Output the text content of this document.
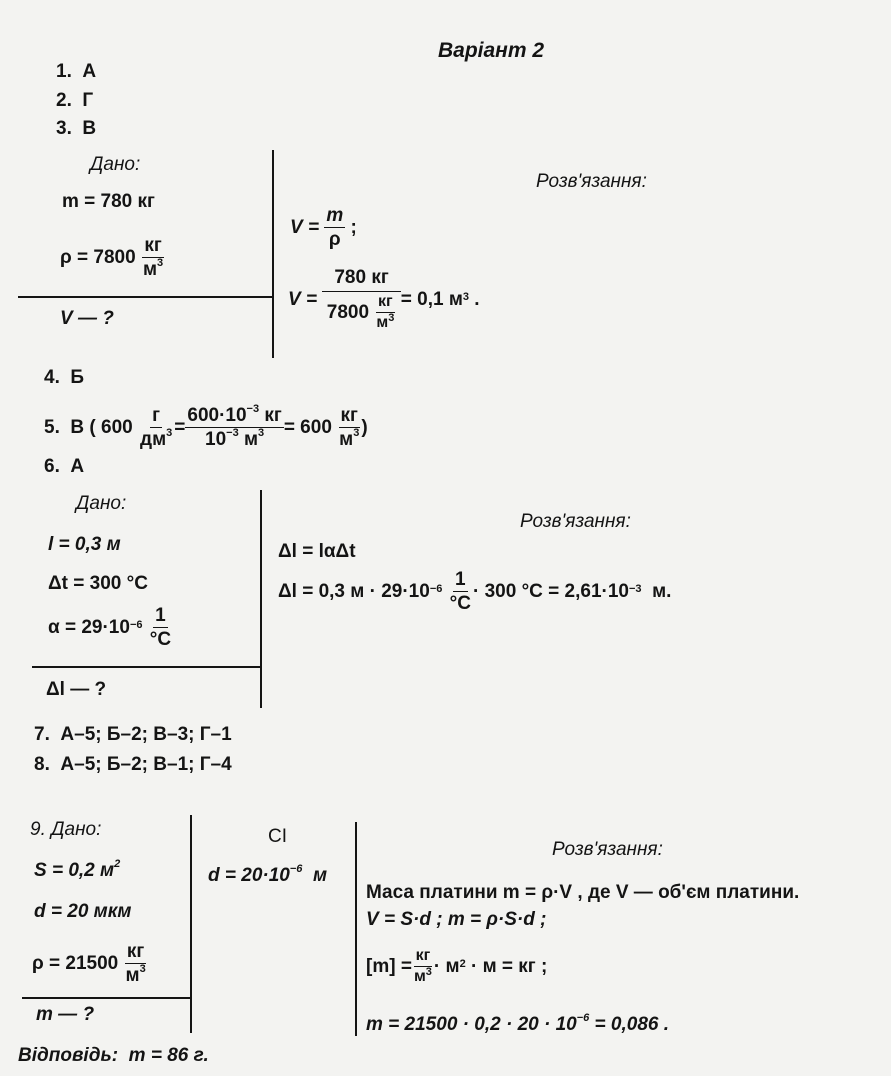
Варіант 2
1. А
2. Г
3. В
Дано:
m = 780 кг
ρ = 7800
$\frac{кг}{м^3}$
V — ?
Розв'язання:
V =
$\frac{m}{\rho}$
;
V =
780 кг
7800
$\frac{кг}{м^3} = 0,1$ $м^3$
.
4. Б
5.
В ( 600
$\frac{г}{дм^3} = \frac{600\cdot 10^{-3} кг}{10^{-3} м^3} = 600$
$\frac{кг}{м^3}$ )
6. А
Дано:
l = 0,3 м
Δt = 300 °С
$\alpha = 29\cdot 10^{-6}$
$\frac{1}{^\circ С}$
Δl — ?
Розв'язання:
Δl = lαΔt
Δl = 0,3 $м \cdot 29\cdot 10^{-6}$
$\frac{1}{^\circ С} \cdot 300$ $^\circ С = 2,61\cdot 10^{-3}$
м.
7. А–5; Б–2; В–3; Г–1
8. А–5; Б–2; В–1; Г–4
9. Дано:
S = 0,2 $м^2$
d = 20 мкм
ρ = 21500
$\frac{кг}{м^3}$
m — ?
СІ
$d = 20\cdot 10^{-6}$ м
Розв'язання:
Маса платини m = ρ·V , де V — об'єм платини.
V = S·d ; m = ρ·S·d ;
$[m] = \frac{кг}{м^3} \cdot м^2$
· м = кг ;
$m = 21500 \cdot 0,2 \cdot 20 \cdot 10^{-6} = 0,086$ .
Відповідь: m = 86 г.
